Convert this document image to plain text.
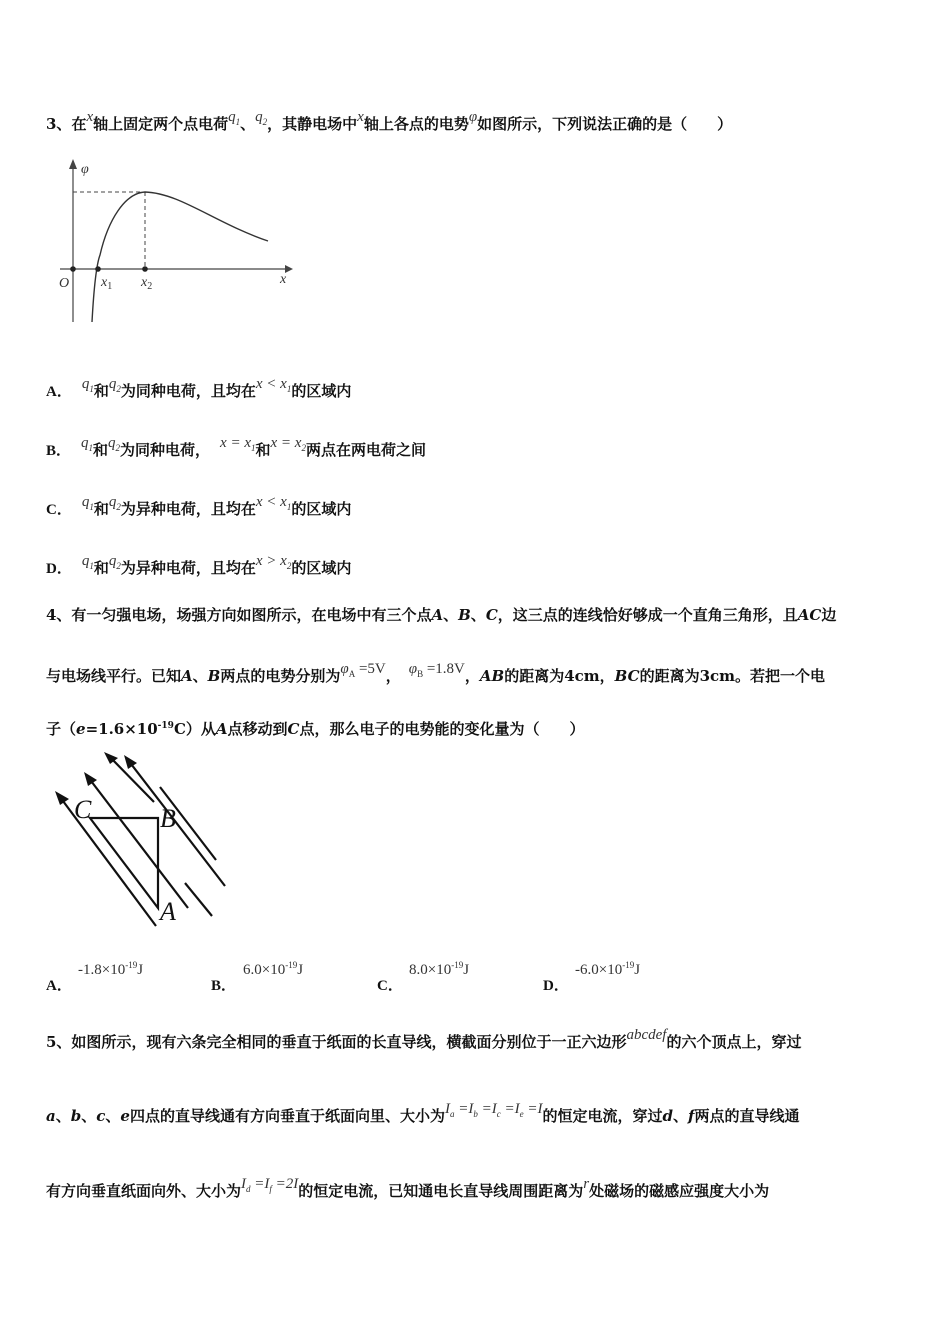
3、在x轴上固定两个点电荷$q_1$、$q_2$，其静电场中x轴上各点的电势φ如图所示，下列说法正确的是（　　）
φ
x
O $x_1$ $x_2$
A． $q_1$和$q_2$为同种电荷，且均在$x < x_1$的区域内
B． $q_1$和$q_2$为同种电荷， $x = x_1$和$x = x_2$两点在两电荷之间
C． $q_1$和$q_2$为异种电荷，且均在$x < x_1$的区域内
D． $q_1$和$q_2$为异种电荷，且均在$x > x_2$的区域内
4、有一匀强电场，场强方向如图所示，在电场中有三个点A、B、C，这三点的连线恰好够成一个直角三角形，且AC边
与电场线平行。已知A、B两点的电势分别为$\varphi_A =5V$， $\varphi_B =1.8V$，AB的距离为4cm，BC的距离为3cm。若把一个电
子$(e=1.6\times 10^{-19}C)$从A点移动到C点，那么电子的电势能的变化量为（　　）
C	B
A
A．
$-1.8\times 10^{-19}J$
B．
$6.0\times 10^{-19}J$
C．
$8.0\times 10^{-19}J$
D．
$-6.0\times 10^{-19}J$
5、如图所示，现有六条完全相同的垂直于纸面的长直导线，横截面分别位于一正六边形abcdef的六个顶点上，穿过
a、b、c、e四点的直导线通有方向垂直于纸面向里、大小为$I_a =I_b =I_c =I_e =I$的恒定电流，穿过d、f两点的直导线通
有方向垂直纸面向外、大小为$I_d =I_f =2I$的恒定电流，已知通电长直导线周围距离为r处磁场的磁感应强度大小为
